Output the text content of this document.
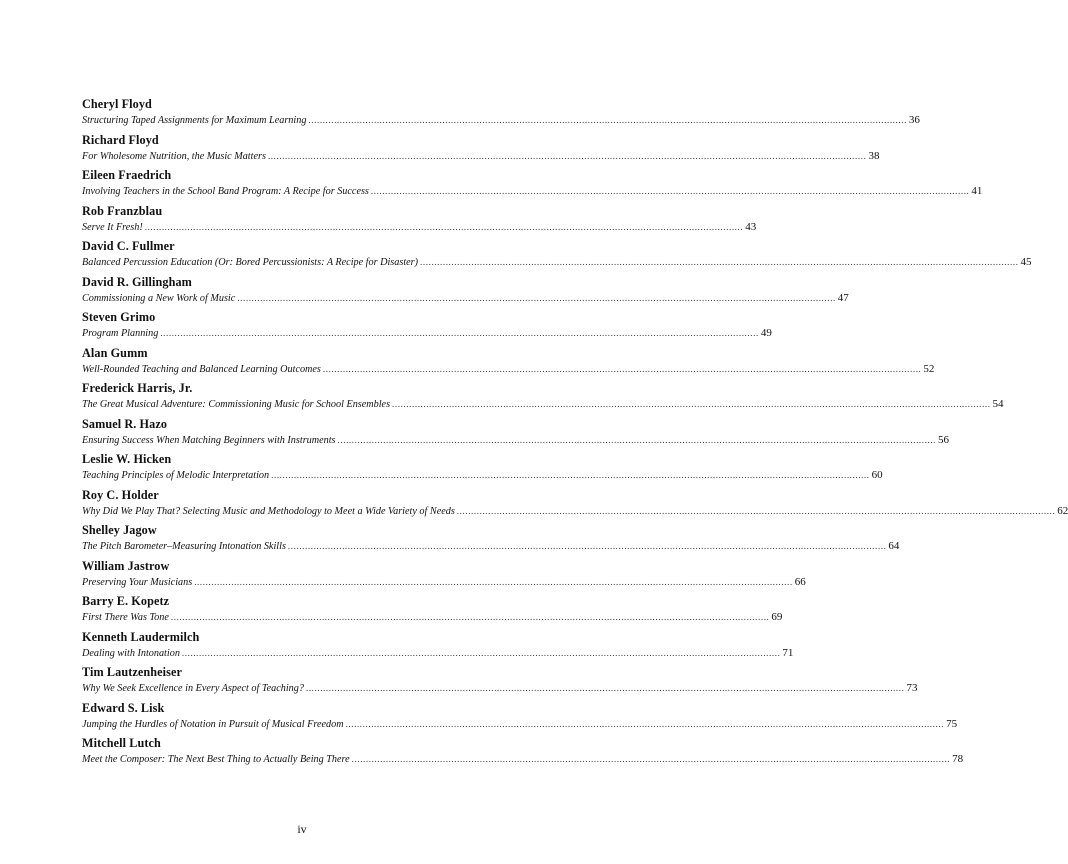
Cheryl Floyd
Structuring Taped Assignments for Maximum Learning .....	36
Richard Floyd
For Wholesome Nutrition, the Music Matters .....	38
Eileen Fraedrich
Involving Teachers in the School Band Program: A Recipe for Success .....	41
Rob Franzblau
Serve It Fresh! .....	43
David C. Fullmer
Balanced Percussion Education (Or: Bored Percussionists: A Recipe for Disaster) .....	45
David R. Gillingham
Commissioning a New Work of Music .....	47
Steven Grimo
Program Planning .....	49
Alan Gumm
Well-Rounded Teaching and Balanced Learning Outcomes .....	52
Frederick Harris, Jr.
The Great Musical Adventure: Commissioning Music for School Ensembles .....	54
Samuel R. Hazo
Ensuring Success When Matching Beginners with Instruments .....	56
Leslie W. Hicken
Teaching Principles of Melodic Interpretation .....	60
Roy C. Holder
Why Did We Play That? Selecting Music and Methodology to Meet a Wide Variety of Needs .....	62
Shelley Jagow
The Pitch Barometer–Measuring Intonation Skills .....	64
William Jastrow
Preserving Your Musicians .....	66
Barry E. Kopetz
First There Was Tone .....	69
Kenneth Laudermilch
Dealing with Intonation .....	71
Tim Lautzenheiser
Why We Seek Excellence in Every Aspect of Teaching? .....	73
Edward S. Lisk
Jumping the Hurdles of Notation in Pursuit of Musical Freedom .....	75
Mitchell Lutch
Meet the Composer: The Next Best Thing to Actually Being There .....	78
iv
